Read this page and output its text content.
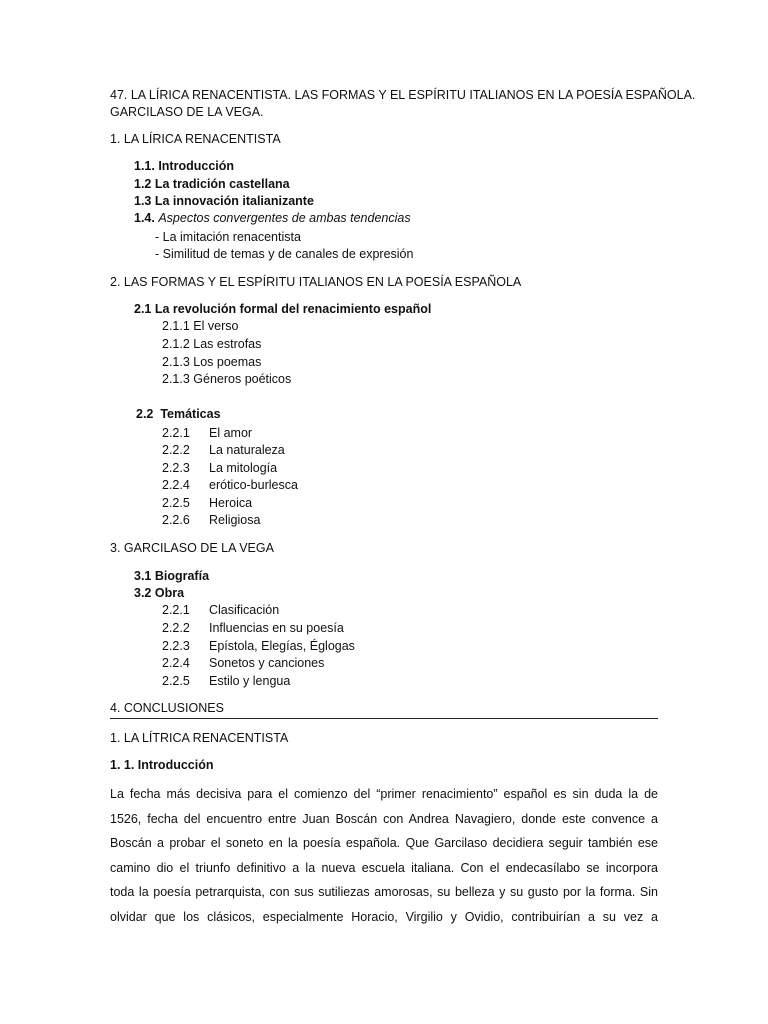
47. LA LÍRICA RENACENTISTA. LAS FORMAS Y EL ESPÍRITU ITALIANOS EN LA POESÍA ESPAÑOLA.
GARCILASO DE LA VEGA.
1. LA LÍRICA RENACENTISTA
1.1. Introducción
1.2 La tradición castellana
1.3 La innovación italianizante
1.4. Aspectos convergentes de ambas tendencias
- La imitación renacentista
- Similitud de temas y de canales de expresión
2. LAS FORMAS Y EL ESPÍRITU ITALIANOS EN LA POESÍA ESPAÑOLA
2.1 La revolución formal del renacimiento español
2.1.1 El verso
2.1.2 Las estrofas
2.1.3 Los poemas
2.1.3 Géneros poéticos
2.2  Temáticas
2.2.1 El amor
2.2.2 La naturaleza
2.2.3 La mitología
2.2.4 erótico-burlesca
2.2.5 Heroica
2.2.6 Religiosa
3. GARCILASO DE LA VEGA
3.1 Biografía
3.2 Obra
2.2.1 Clasificación
2.2.2 Influencias en su poesía
2.2.3 Epístola, Elegías, Églogas
2.2.4 Sonetos y canciones
2.2.5 Estilo y lengua
4. CONCLUSIONES
1. LA LÍTRICA RENACENTISTA
1. 1. Introducción
La fecha más decisiva para el comienzo del “primer renacimiento” español es sin duda la de
1526, fecha del encuentro entre Juan Boscán con Andrea Navagiero, donde este convence a
Boscán a probar el soneto en la poesía española. Que Garcilaso decidiera seguir también ese
camino dio el triunfo definitivo a la nueva escuela italiana. Con el endecasílabo se incorpora
toda la poesía petrarquista, con sus sutiliezas amorosas, su belleza y su gusto por la forma. Sin
olvidar que los clásicos, especialmente Horacio, Virgilio y Ovidio, contribuirían a su vez a
